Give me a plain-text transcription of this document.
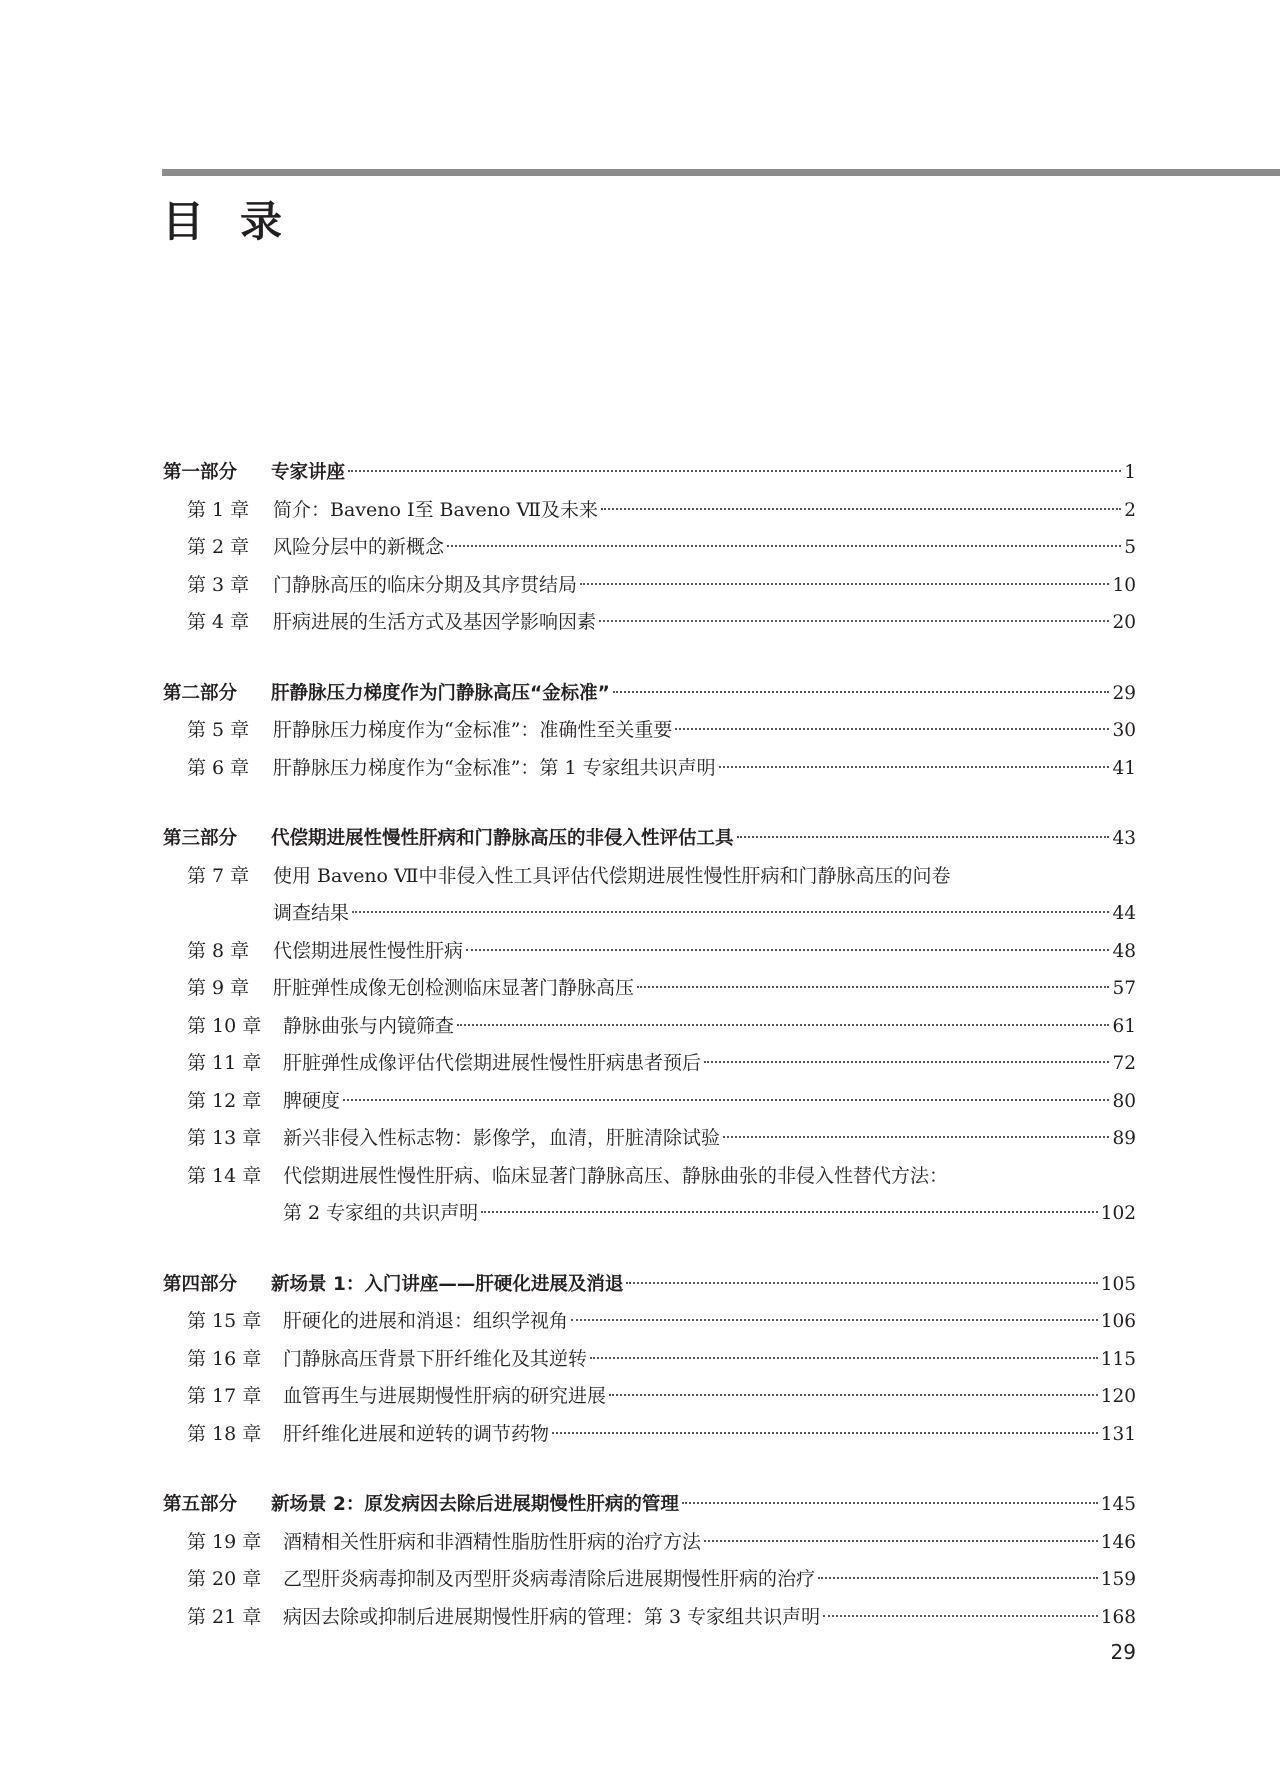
目录
第一部分	专家讲座	1
第 1 章	简介：Baveno Ⅰ至 Baveno Ⅶ及未来	2
第 2 章	风险分层中的新概念	5
第 3 章	门静脉高压的临床分期及其序贯结局	10
第 4 章	肝病进展的生活方式及基因学影响因素	20
第二部分	肝静脉压力梯度作为门静脉高压“金标准”	29
第 5 章	肝静脉压力梯度作为“金标准”：准确性至关重要	30
第 6 章	肝静脉压力梯度作为“金标准”：第 1 专家组共识声明	41
第三部分	代偿期进展性慢性肝病和门静脉高压的非侵入性评估工具	43
第 7 章	使用 Baveno Ⅶ中非侵入性工具评估代偿期进展性慢性肝病和门静脉高压的问卷
调查结果	44
第 8 章	代偿期进展性慢性肝病	48
第 9 章	肝脏弹性成像无创检测临床显著门静脉高压	57
第 10 章	静脉曲张与内镜筛查	61
第 11 章	肝脏弹性成像评估代偿期进展性慢性肝病患者预后	72
第 12 章	脾硬度	80
第 13 章	新兴非侵入性标志物：影像学，血清，肝脏清除试验	89
第 14 章	代偿期进展性慢性肝病、临床显著门静脉高压、静脉曲张的非侵入性替代方法：
第 2 专家组的共识声明	102
第四部分	新场景 1：入门讲座——肝硬化进展及消退	105
第 15 章	肝硬化的进展和消退：组织学视角	106
第 16 章	门静脉高压背景下肝纤维化及其逆转	115
第 17 章	血管再生与进展期慢性肝病的研究进展	120
第 18 章	肝纤维化进展和逆转的调节药物	131
第五部分	新场景 2：原发病因去除后进展期慢性肝病的管理	145
第 19 章	酒精相关性肝病和非酒精性脂肪性肝病的治疗方法	146
第 20 章	乙型肝炎病毒抑制及丙型肝炎病毒清除后进展期慢性肝病的治疗	159
第 21 章	病因去除或抑制后进展期慢性肝病的管理：第 3 专家组共识声明	168
29
